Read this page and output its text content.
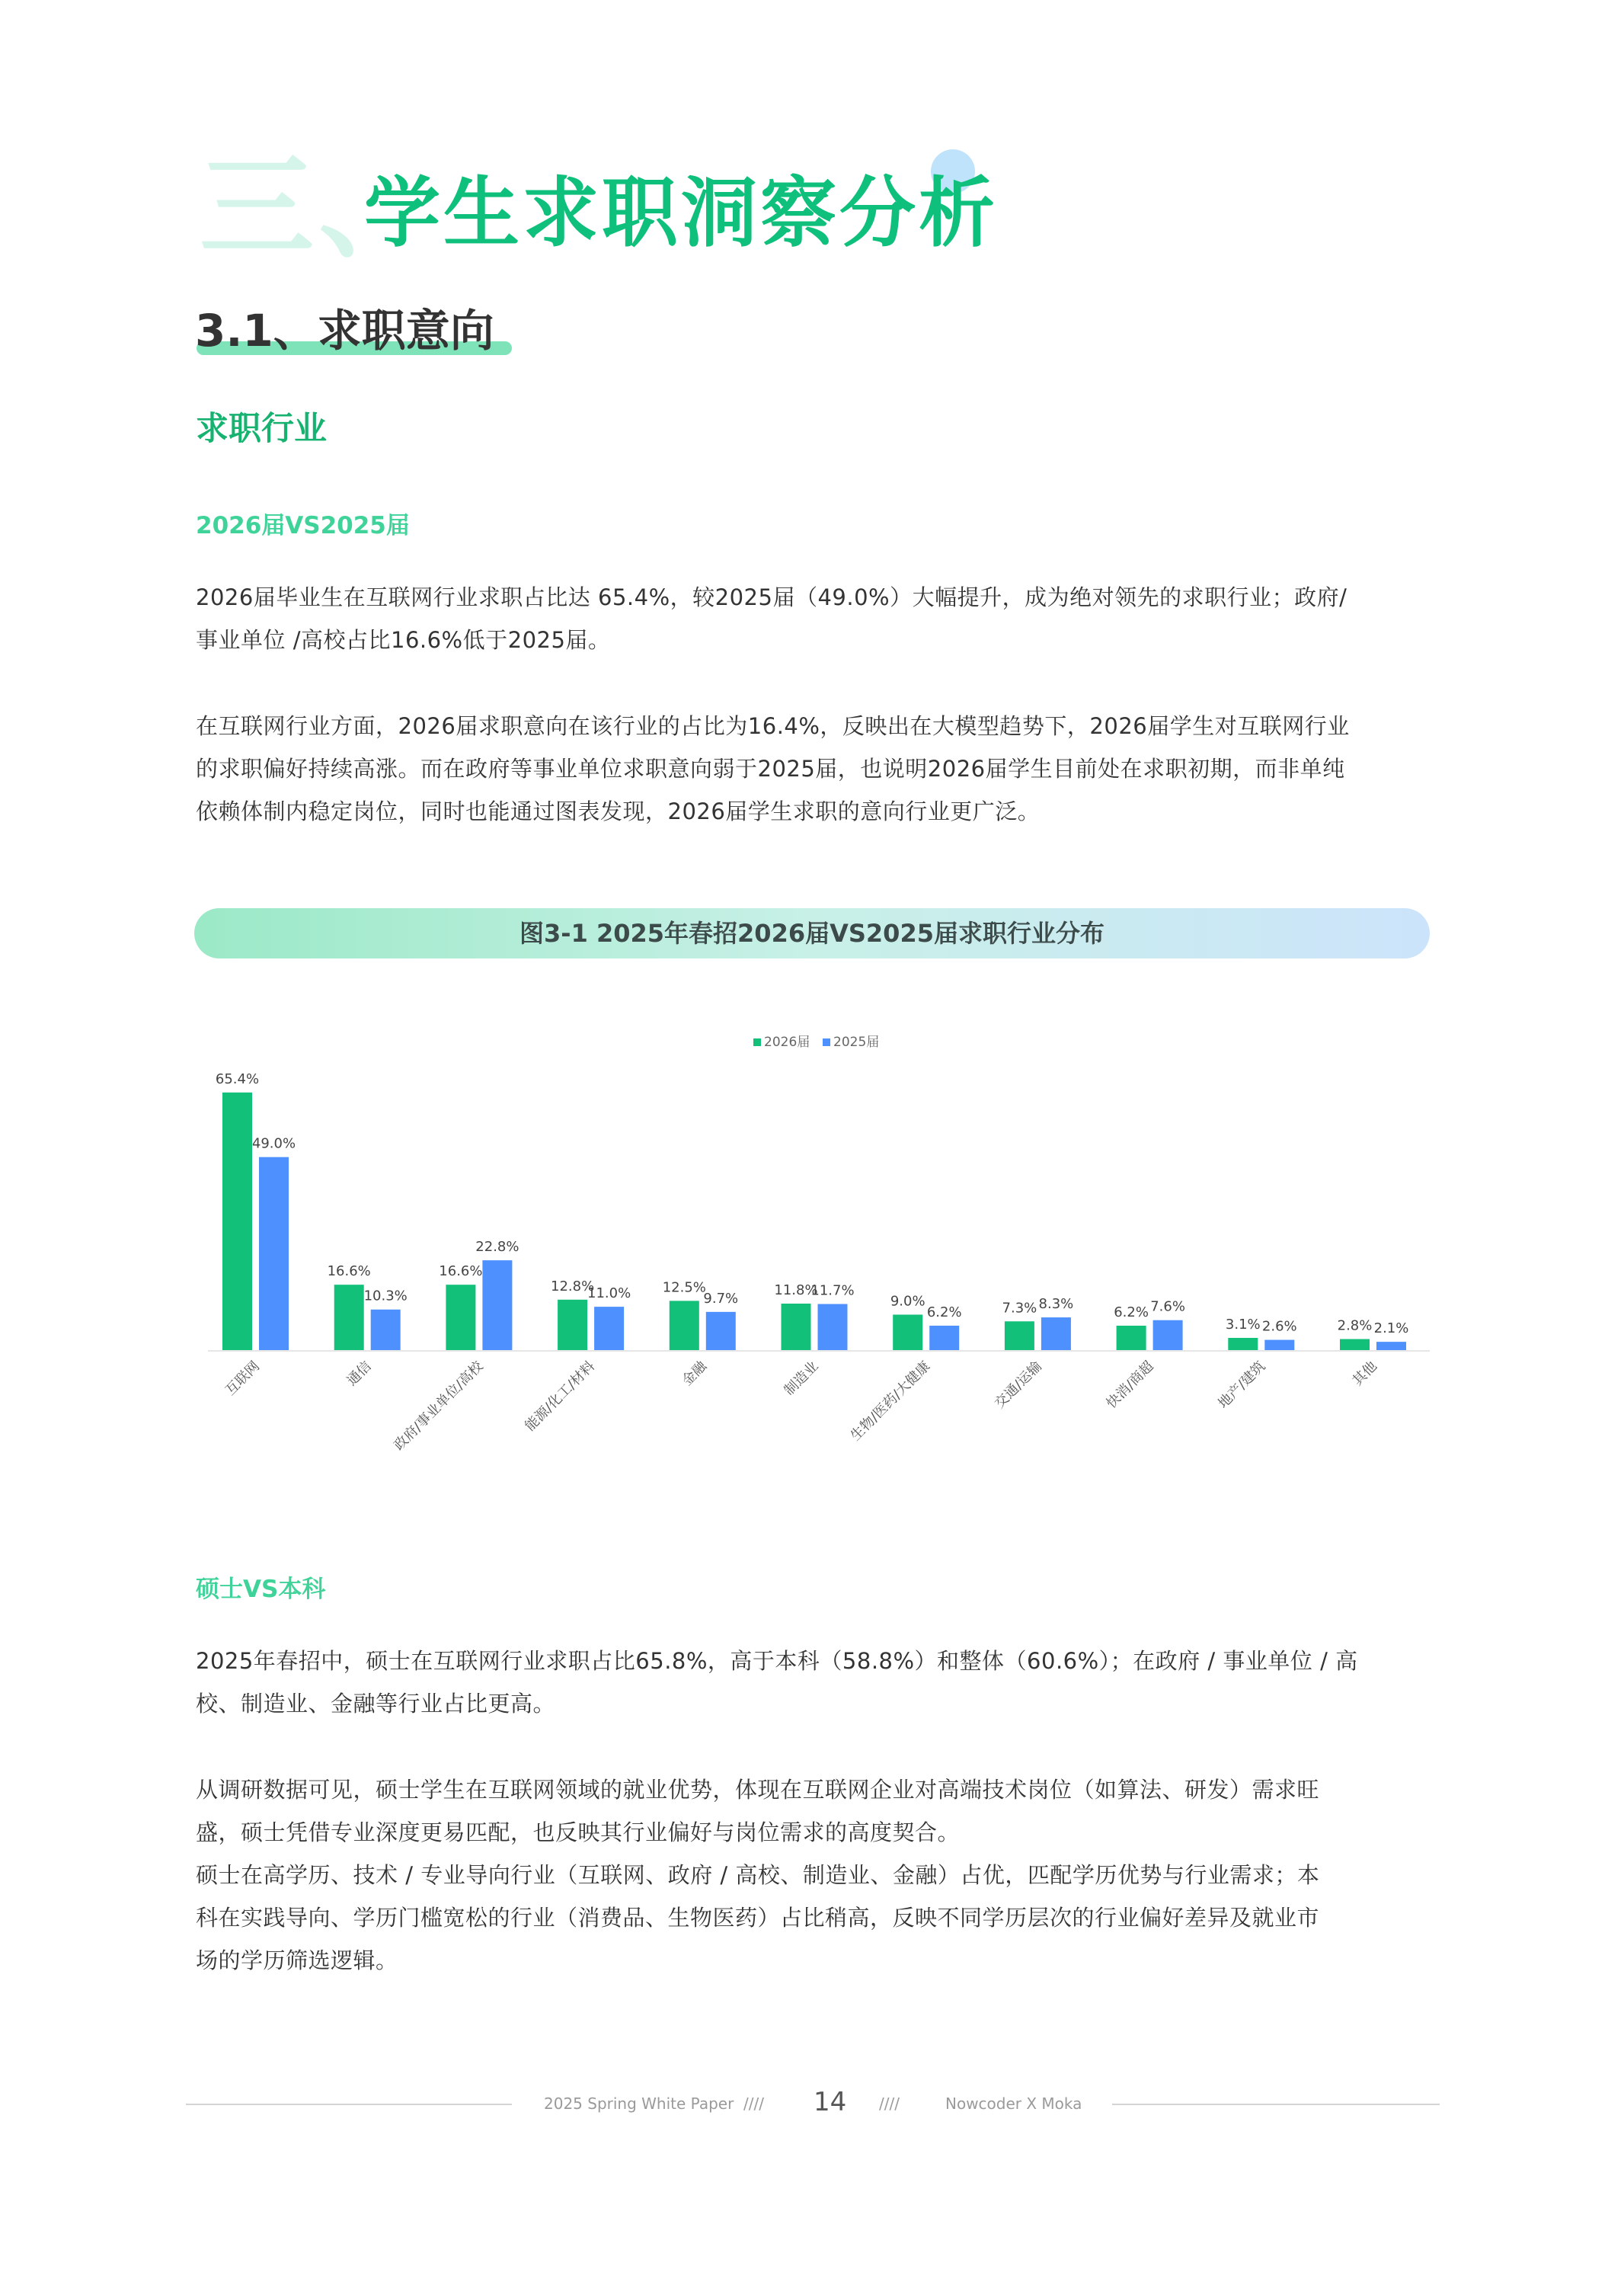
三、
学生求职洞察分析
3.1、求职意向
求职行业
2026届VS2025届

2026届毕业生在互联网行业求职占比达 65.4%，较2025届（49.0%）大幅提升，成为绝对领先的求职行业；政府/

事业单位 /高校占比16.6%低于2025届。

在互联网行业方面，2026届求职意向在该行业的占比为16.4%，反映出在大模型趋势下，2026届学生对互联网行业

的求职偏好持续高涨。而在政府等事业单位求职意向弱于2025届，也说明2026届学生目前处在求职初期，而非单纯

依赖体制内稳定岗位，同时也能通过图表发现，2026届学生求职的意向行业更广泛。

图3-1 2025年春招2026届VS2025届求职行业分布
2026届 2025届
65.4%
49.0%
互联网
16.6%
10.3%
通信
16.6%
22.8%
政府/事业单位/高校
12.8%
11.0%
能源/化工/材料
12.5%
9.7%
金融
11.8%
11.7%
制造业
9.0%
6.2%
生物/医药/大健康
7.3% 8.3%
交通/运输
6.2% 7.6%
快消/商超
3.1% 2.6%
地产/建筑
2.8% 2.1%
其他
硕士VS本科

2025年春招中，硕士在互联网行业求职占比65.8%，高于本科（58.8%）和整体（60.6%）；在政府 / 事业单位 / 高

校、制造业、金融等行业占比更高。

从调研数据可见，硕士学生在互联网领域的就业优势，体现在互联网企业对高端技术岗位（如算法、研发）需求旺

盛，硕士凭借专业深度更易匹配，也反映其行业偏好与岗位需求的高度契合。

硕士在高学历、技术 / 专业导向行业（互联网、政府 / 高校、制造业、金融）占优，匹配学历优势与行业需求；本

科在实践导向、学历门槛宽松的行业（消费品、生物医药）占比稍高，反映不同学历层次的行业偏好差异及就业市

场的学历筛选逻辑。

2025 Spring White Paper //// 14 ////	Nowcoder X Moka
